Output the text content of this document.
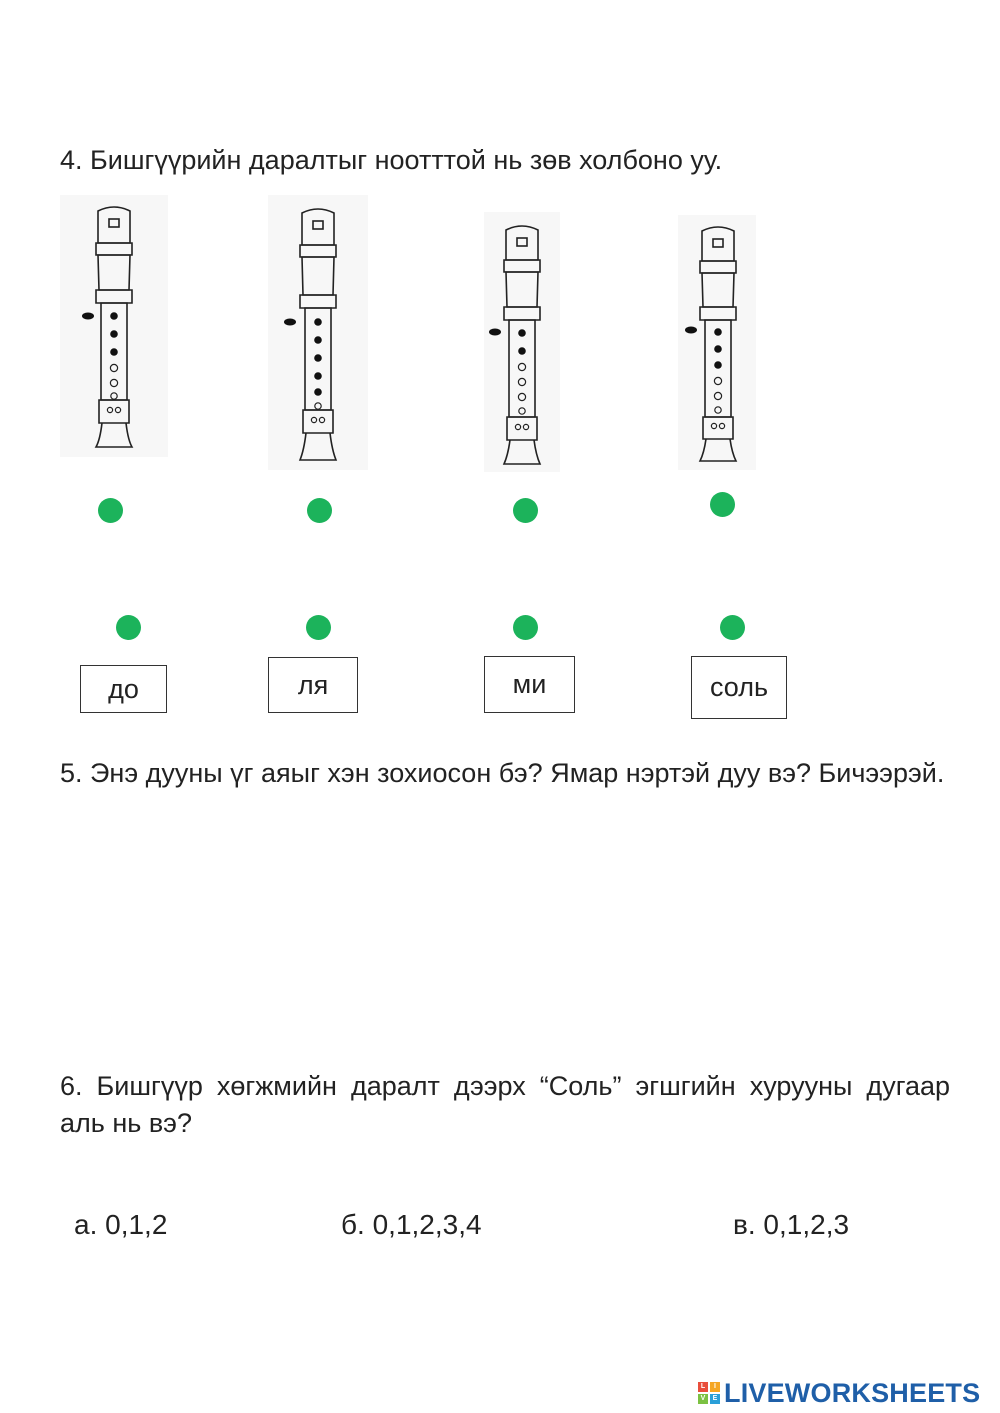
4. Бишгүүрийн даралтыг ноотттой нь зөв холбоно уу.

до	ля	ми	соль

5. Энэ дууны үг аяыг хэн зохиосон бэ? Ямар нэртэй дуу вэ? Бичээрэй.

6. Бишгүүр хөгжмийн даралт дээрх “Соль” эгшгийн хурууны дугаар аль нь вэ?

а. 0,1,2	б. 0,1,2,3,4	в. 0,1,2,3
L	I
V	E LIVEWORKSHEETS
